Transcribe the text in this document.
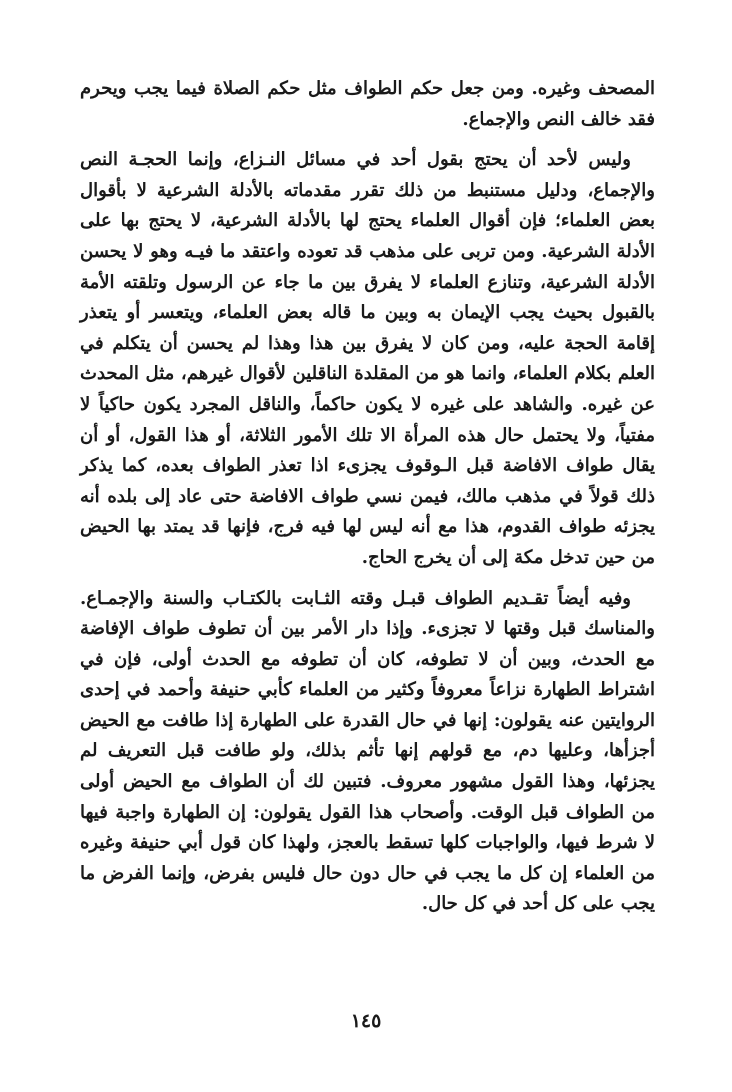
المصحف وغيره. ومن جعل حكم الطواف مثل حكم الصلاة فيما يجب ويحرم فقد خالف النص والإجماع.

وليس لأحد أن يحتج بقول أحد في مسائل النـزاع، وإنما الحجـة النص والإجماع، ودليل مستنبط من ذلك تقرر مقدماته بالأدلة الشرعية لا بأقوال بعض العلماء؛ فإن أقوال العلماء يحتج لها بالأدلة الشرعية، لا يحتج بها على الأدلة الشرعية. ومن تربى على مذهب قد تعوده واعتقد ما فيـه وهو لا يحسن الأدلة الشرعية، وتنازع العلماء لا يفرق بين ما جاء عن الرسول وتلقته الأمة بالقبول بحيث يجب الإيمان به وبين ما قاله بعض العلماء، ويتعسر أو يتعذر إقامة الحجة عليه، ومن كان لا يفرق بين هذا وهذا لم يحسن أن يتكلم في العلم بكلام العلماء، وانما هو من المقلدة الناقلين لأقوال غيرهم، مثل المحدث عن غيره. والشاهد على غيره لا يكون حاكماً، والناقل المجرد يكون حاكياً لا مفتياً، ولا يحتمل حال هذه المرأة الا تلك الأمور الثلاثة، أو هذا القول، أو أن يقال طواف الافاضة قبل الـوقوف يجزىء اذا تعذر الطواف بعده، كما يذكر ذلك قولاً في مذهب مالك، فيمن نسي طواف الافاضة حتى عاد إلى بلده أنه يجزئه طواف القدوم، هذا مع أنه ليس لها فيه فرج، فإنها قد يمتد بها الحيض من حين تدخل مكة إلى أن يخرج الحاج.

وفيه أيضاً تقـديم الطواف قبـل وقته الثـابت بالكتـاب والسنة والإجمـاع. والمناسك قبل وقتها لا تجزىء. وإذا دار الأمر بين أن تطوف طواف الإفاضة مع الحدث، وبين أن لا تطوفه، كان أن تطوفه مع الحدث أولى، فإن في اشتراط الطهارة نزاعاً معروفاً وكثير من العلماء كأبي حنيفة وأحمد في إحدى الروايتين عنه يقولون: إنها في حال القدرة على الطهارة إذا طافت مع الحيض أجزأها، وعليها دم، مع قولهم إنها تأثم بذلك، ولو طافت قبل التعريف لم يجزئها، وهذا القول مشهور معروف. فتبين لك أن الطواف مع الحيض أولى من الطواف قبل الوقت. وأصحاب هذا القول يقولون: إن الطهارة واجبة فيها لا شرط فيها، والواجبات كلها تسقط بالعجز، ولهذا كان قول أبي حنيفة وغيره من العلماء إن كل ما يجب في حال دون حال فليس بفرض، وإنما الفرض ما يجب على كل أحد في كل حال.

١٤٥
